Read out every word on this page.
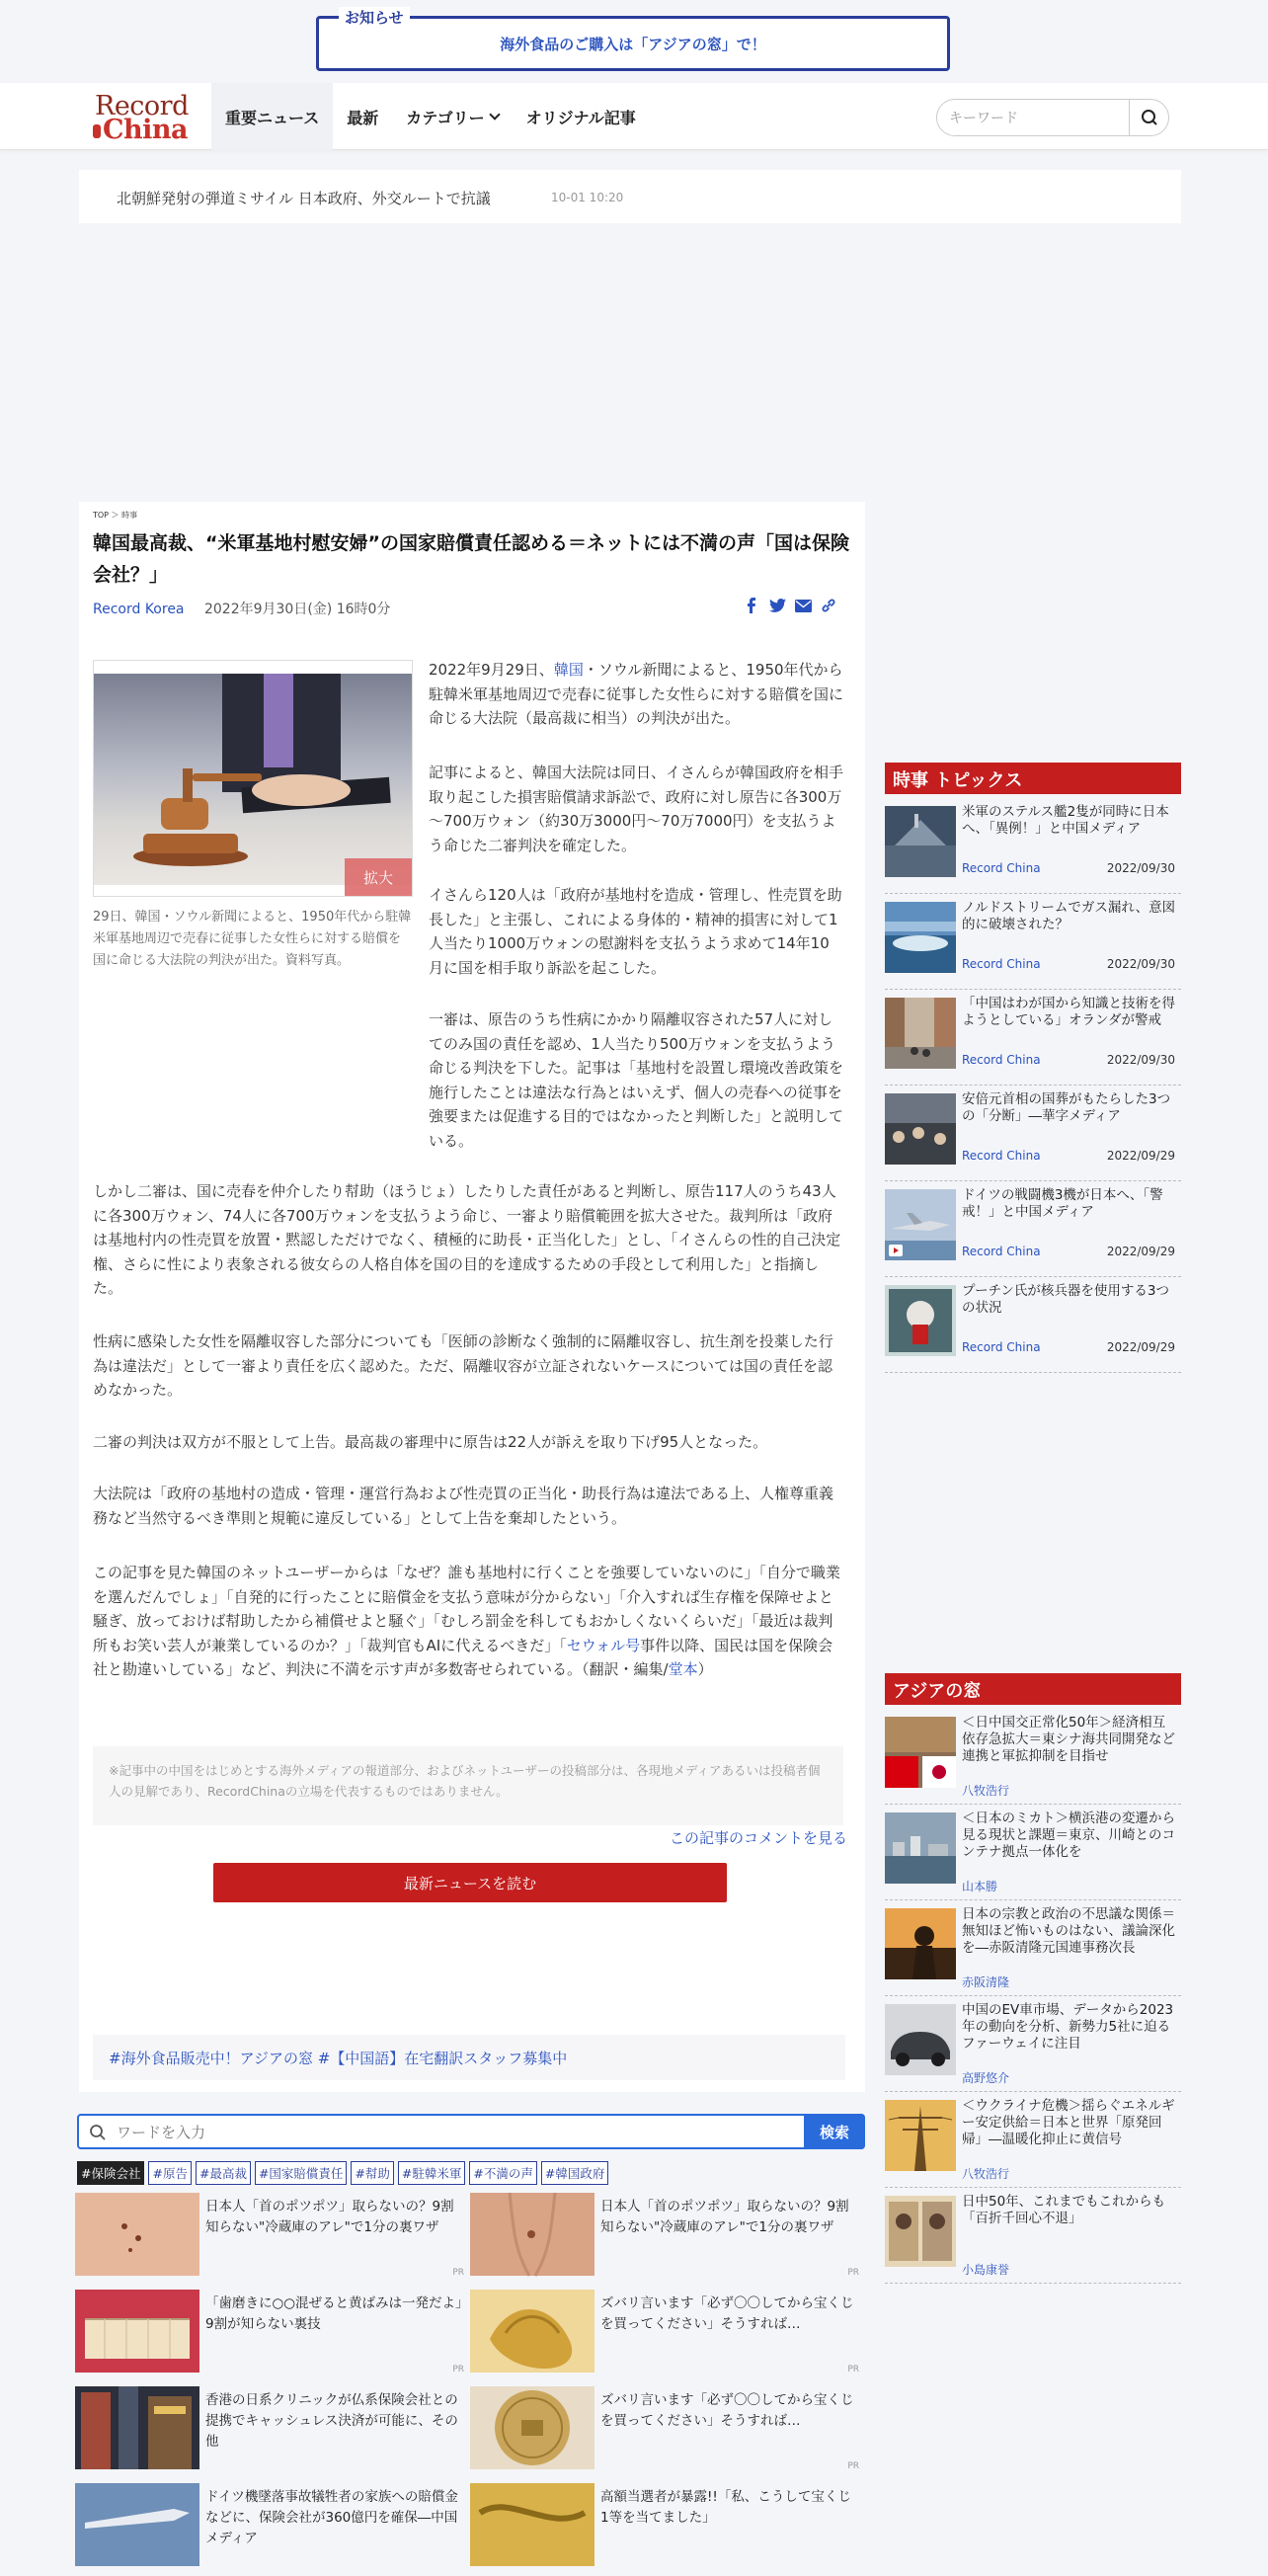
お知らせ
海外食品のご購入は「アジアの窓」で！
Record
China	重要ニュース	最新	カテゴリー	オリジナル記事
キーワード
北朝鮮発射の弾道ミサイル 日本政府、外交ルートで抗議	10-01 10:20
TOP ＞ 時事
韓国最高裁、“米軍基地村慰安婦”の国家賠償責任認める＝ネットには不満の声「国は保険会社？」
Record Korea 2022年9月30日(金) 16時0分
拡大
29日、韓国・ソウル新聞によると、1950年代から駐韓米軍基地周辺で売春に従事した女性らに対する賠償を国に命じる大法院の判決が出た。資料写真。

2022年9月29日、韓国・ソウル新聞によると、1950年代から駐韓米軍基地周辺で売春に従事した女性らに対する賠償を国に命じる大法院（最高裁に相当）の判決が出た。

記事によると、韓国大法院は同日、イさんらが韓国政府を相手取り起こした損害賠償請求訴訟で、政府に対し原告に各300万～700万ウォン（約30万3000円～70万7000円）を支払うよう命じた二審判決を確定した。

イさんら120人は「政府が基地村を造成・管理し、性売買を助長した」と主張し、これによる身体的・精神的損害に対して1人当たり1000万ウォンの慰謝料を支払うよう求めて14年10月に国を相手取り訴訟を起こした。

一審は、原告のうち性病にかかり隔離収容された57人に対してのみ国の責任を認め、1人当たり500万ウォンを支払うよう命じる判決を下した。記事は「基地村を設置し環境改善政策を施行したことは違法な行為とはいえず、個人の売春への従事を強要または促進する目的ではなかったと判断した」と説明している。

しかし二審は、国に売春を仲介したり幇助（ほうじょ）したりした責任があると判断し、原告117人のうち43人に各300万ウォン、74人に各700万ウォンを支払うよう命じ、一審より賠償範囲を拡大させた。裁判所は「政府は基地村内の性売買を放置・黙認しただけでなく、積極的に助長・正当化した」とし、「イさんらの性的自己決定権、さらに性により表象される彼女らの人格自体を国の目的を達成するための手段として利用した」と指摘した。

性病に感染した女性を隔離収容した部分についても「医師の診断なく強制的に隔離収容し、抗生剤を投薬した行為は違法だ」として一審より責任を広く認めた。ただ、隔離収容が立証されないケースについては国の責任を認めなかった。

二審の判決は双方が不服として上告。最高裁の審理中に原告は22人が訴えを取り下げ95人となった。

大法院は「政府の基地村の造成・管理・運営行為および性売買の正当化・助長行為は違法である上、人権尊重義務など当然守るべき準則と規範に違反している」として上告を棄却したという。

この記事を見た韓国のネットユーザーからは「なぜ？誰も基地村に行くことを強要していないのに」「自分で職業を選んだんでしょ」「自発的に行ったことに賠償金を支払う意味が分からない」「介入すれば生存権を保障せよと騒ぎ、放っておけば幇助したから補償せよと騒ぐ」「むしろ罰金を科してもおかしくないくらいだ」「最近は裁判所もお笑い芸人が兼業しているのか？」「裁判官もAIに代えるべきだ」「セウォル号事件以降、国民は国を保険会社と勘違いしている」など、判決に不満を示す声が多数寄せられている。（翻訳・編集/堂本）

※記事中の中国をはじめとする海外メディアの報道部分、およびネットユーザーの投稿部分は、各現地メディアあるいは投稿者個人の見解であり、RecordChinaの立場を代表するものではありません。
この記事のコメントを見る
最新ニュースを読む
#海外食品販売中！アジアの窓 #【中国語】在宅翻訳スタッフ募集中
時事 トピックス
米軍のステルス艦2隻が同時に日本へ、「異例！」と中国メディア
Record China	2022/09/30
ノルドストリームでガス漏れ、意図的に破壊された？
Record China	2022/09/30
「中国はわが国から知識と技術を得ようとしている」オランダが警戒
Record China	2022/09/30
安倍元首相の国葬がもたらした3つの「分断」―華字メディア
Record China	2022/09/29
ドイツの戦闘機3機が日本へ、「警戒！」と中国メディア
Record China	2022/09/29
プーチン氏が核兵器を使用する3つの状況
Record China	2022/09/29
アジアの窓
＜日中国交正常化50年＞経済相互依存急拡大＝東シナ海共同開発など連携と軍拡抑制を目指せ
八牧浩行
＜日本のミカト＞横浜港の変遷から見る現状と課題＝東京、川崎とのコンテナ拠点一体化を
山本勝
日本の宗教と政治の不思議な関係＝無知ほど怖いものはない、議論深化を―赤阪清隆元国連事務次長
赤阪清隆
中国のEV車市場、データから2023年の動向を分析、新勢力5社に迫るファーウェイに注目
高野悠介
＜ウクライナ危機＞揺らぐエネルギー安定供給＝日本と世界「原発回帰」―温暖化抑止に黄信号
八牧浩行
日中50年、これまでもこれからも「百折千回心不退」
小島康誉
ワードを入力
検索
#保険会社 #原告 #最高裁 #国家賠償責任 #幇助 #駐韓米軍 #不満の声 #韓国政府
日本人「首のポツポツ」取らないの？9割知らない"冷蔵庫のアレ"で1分の裏ワザ
PR
日本人「首のポツポツ」取らないの？9割知らない"冷蔵庫のアレ"で1分の裏ワザ
PR
「歯磨きに○○混ぜると黄ばみは一発だよ」9割が知らない裏技
PR
ズバリ言います「必ず〇〇してから宝くじを買ってください」そうすれば…
PR
香港の日系クリニックが仏系保険会社との提携でキャッシュレス決済が可能に、その他
ズバリ言います「必ず〇〇してから宝くじを買ってください」そうすれば…
PR
ドイツ機墜落事故犠牲者の家族への賠償金などに、保険会社が360億円を確保―中国メディア
高額当選者が暴露!!「私、こうして宝くじ1等を当てました」
